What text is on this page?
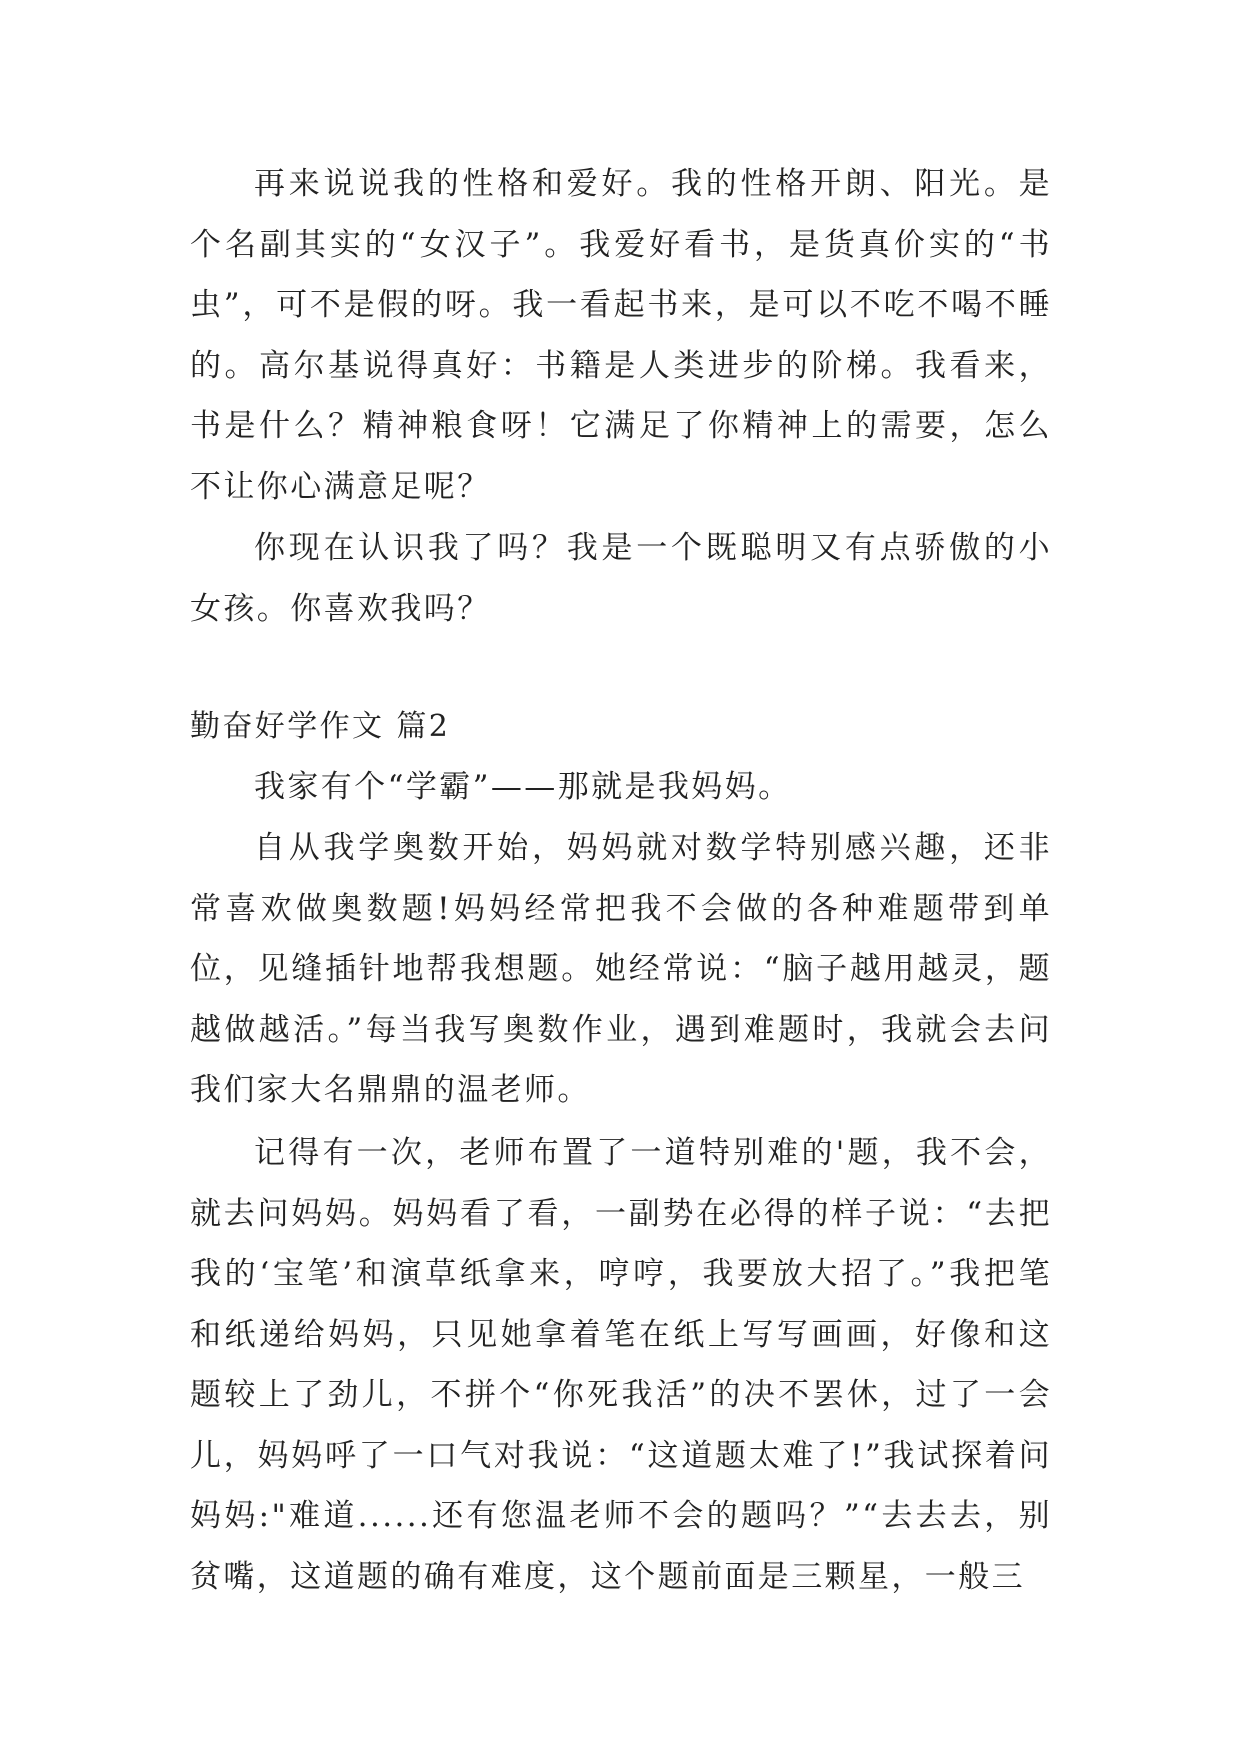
再来说说我的性格和爱好。我的性格开朗、阳光。是个名副其实的“女汉子”。我爱好看书，是货真价实的“书虫”，可不是假的呀。我一看起书来，是可以不吃不喝不睡的。高尔基说得真好：书籍是人类进步的阶梯。我看来，书是什么？精神粮食呀！它满足了你精神上的需要，怎么不让你心满意足呢？

你现在认识我了吗？我是一个既聪明又有点骄傲的小女孩。你喜欢我吗？

勤奋好学作文 篇2

我家有个“学霸”——那就是我妈妈。

自从我学奥数开始，妈妈就对数学特别感兴趣，还非常喜欢做奥数题!妈妈经常把我不会做的各种难题带到单位，见缝插针地帮我想题。她经常说：“脑子越用越灵，题越做越活。”每当我写奥数作业，遇到难题时，我就会去问我们家大名鼎鼎的温老师。

记得有一次，老师布置了一道特别难的'题，我不会，就去问妈妈。妈妈看了看，一副势在必得的样子说：“去把我的‘宝笔’和演草纸拿来，哼哼，我要放大招了。”我把笔和纸递给妈妈，只见她拿着笔在纸上写写画画，好像和这题较上了劲儿，不拼个“你死我活”的决不罢休，过了一会儿，妈妈呼了一口气对我说：“这道题太难了!”我试探着问妈妈:"难道......还有您温老师不会的题吗？”“去去去，别贫嘴，这道题的确有难度，这个题前面是三颗星，一般三
